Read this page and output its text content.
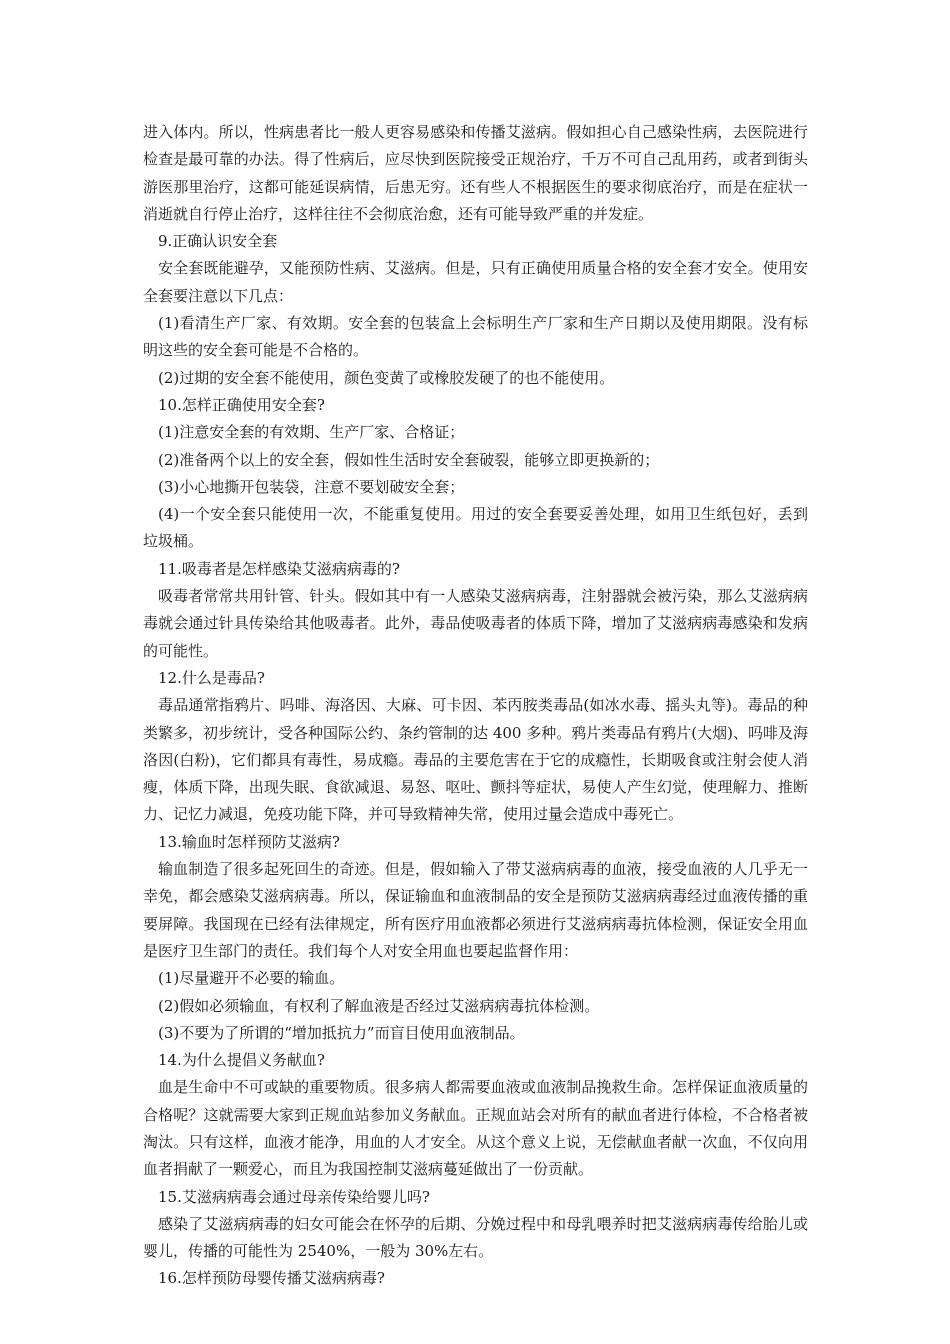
进入体内。所以，性病患者比一般人更容易感染和传播艾滋病。假如担心自己感染性病，去医院进行检查是最可靠的办法。得了性病后，应尽快到医院接受正规治疗，千万不可自己乱用药，或者到街头游医那里治疗，这都可能延误病情，后患无穷。还有些人不根据医生的要求彻底治疗，而是在症状一消逝就自行停止治疗，这样往往不会彻底治愈，还有可能导致严重的并发症。

9.正确认识安全套

安全套既能避孕，又能预防性病、艾滋病。但是，只有正确使用质量合格的安全套才安全。使用安全套要注意以下几点：

(1)看清生产厂家、有效期。安全套的包装盒上会标明生产厂家和生产日期以及使用期限。没有标明这些的安全套可能是不合格的。

(2)过期的安全套不能使用，颜色变黄了或橡胶发硬了的也不能使用。

10.怎样正确使用安全套?

(1)注意安全套的有效期、生产厂家、合格证；

(2)准备两个以上的安全套，假如性生活时安全套破裂，能够立即更换新的；

(3)小心地撕开包装袋，注意不要划破安全套；

(4)一个安全套只能使用一次，不能重复使用。用过的安全套要妥善处理，如用卫生纸包好，丢到垃圾桶。

11.吸毒者是怎样感染艾滋病病毒的?

吸毒者常常共用针管、针头。假如其中有一人感染艾滋病病毒，注射器就会被污染，那么艾滋病病毒就会通过针具传染给其他吸毒者。此外，毒品使吸毒者的体质下降，增加了艾滋病病毒感染和发病的可能性。

12.什么是毒品?

毒品通常指鸦片、吗啡、海洛因、大麻、可卡因、苯丙胺类毒品(如冰水毒、摇头丸等)。毒品的种类繁多，初步统计，受各种国际公约、条约管制的达 400 多种。鸦片类毒品有鸦片(大烟)、吗啡及海洛因(白粉)，它们都具有毒性，易成瘾。毒品的主要危害在于它的成瘾性，长期吸食或注射会使人消瘦，体质下降，出现失眠、食欲减退、易怒、呕吐、颤抖等症状，易使人产生幻觉，使理解力、推断力、记忆力减退，免疫功能下降，并可导致精神失常，使用过量会造成中毒死亡。

13.输血时怎样预防艾滋病?

输血制造了很多起死回生的奇迹。但是，假如输入了带艾滋病病毒的血液，接受血液的人几乎无一幸免，都会感染艾滋病病毒。所以，保证输血和血液制品的安全是预防艾滋病病毒经过血液传播的重要屏障。我国现在已经有法律规定，所有医疗用血液都必须进行艾滋病病毒抗体检测，保证安全用血是医疗卫生部门的责任。我们每个人对安全用血也要起监督作用：

(1)尽量避开不必要的输血。

(2)假如必须输血，有权利了解血液是否经过艾滋病病毒抗体检测。

(3)不要为了所谓的“增加抵抗力”而盲目使用血液制品。

14.为什么提倡义务献血?

血是生命中不可或缺的重要物质。很多病人都需要血液或血液制品挽救生命。怎样保证血液质量的合格呢？这就需要大家到正规血站参加义务献血。正规血站会对所有的献血者进行体检，不合格者被淘汰。只有这样，血液才能净，用血的人才安全。从这个意义上说，无偿献血者献一次血，不仅向用血者捐献了一颗爱心，而且为我国控制艾滋病蔓延做出了一份贡献。

15.艾滋病病毒会通过母亲传染给婴儿吗?

感染了艾滋病病毒的妇女可能会在怀孕的后期、分娩过程中和母乳喂养时把艾滋病病毒传给胎儿或婴儿，传播的可能性为 2540%，一般为 30%左右。

16.怎样预防母婴传播艾滋病病毒?
